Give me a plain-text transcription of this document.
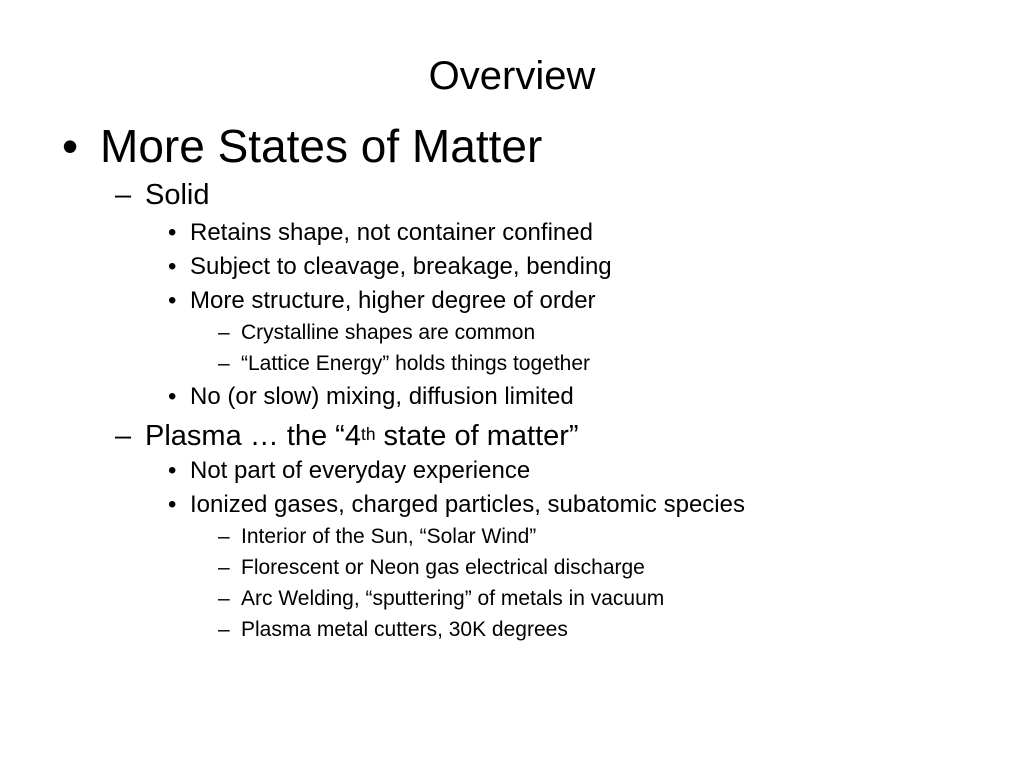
Overview
• More States of Matter
– Solid
• Retains shape, not container confined
• Subject to cleavage, breakage, bending
• More structure, higher degree of order
– Crystalline shapes are common
– “Lattice Energy” holds things together
• No (or slow) mixing, diffusion limited
– Plasma … the “4th state of matter”
• Not part of everyday experience
• Ionized gases, charged particles, subatomic species
– Interior of the Sun, “Solar Wind”
– Florescent or Neon gas electrical discharge
– Arc Welding, “sputtering” of metals in vacuum
– Plasma metal cutters, 30K degrees
